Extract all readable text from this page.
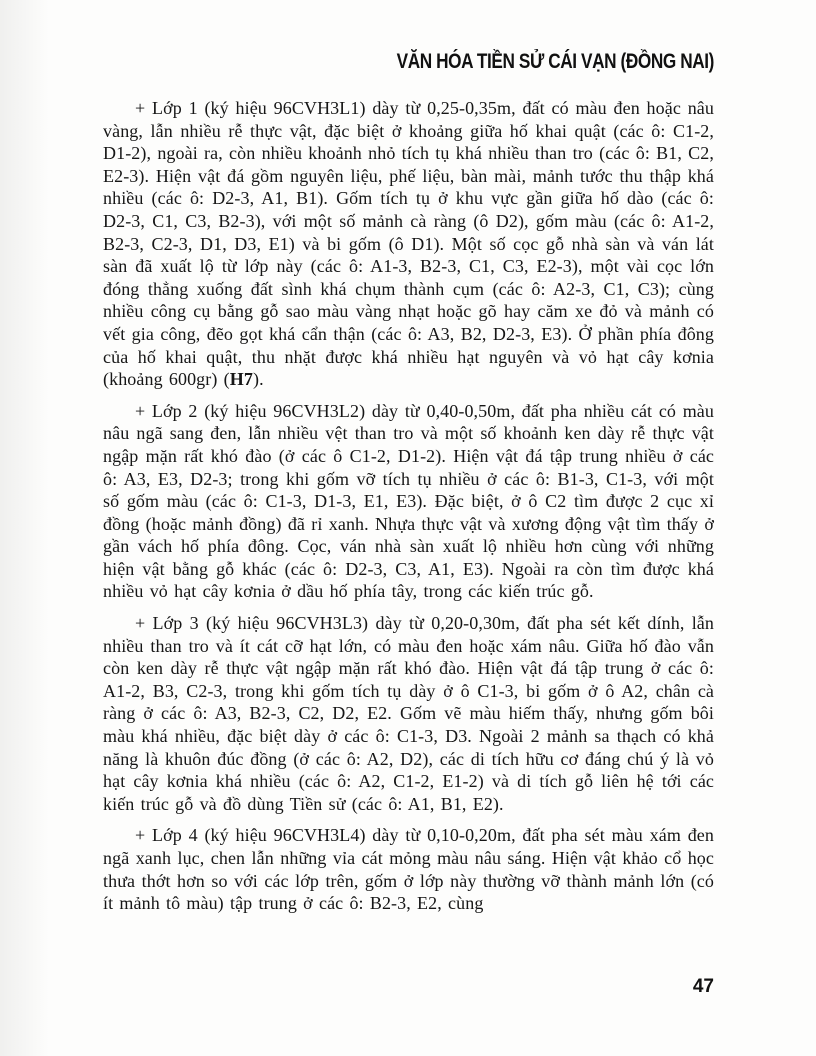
VĂN HÓA TIỀN SỬ CÁI VẠN (ĐỒNG NAI)

+ Lớp 1 (ký hiệu 96CVH3L1) dày từ 0,25-0,35m, đất có màu đen hoặc nâu vàng, lẫn nhiều rễ thực vật, đặc biệt ở khoảng giữa hố khai quật (các ô: C1-2, D1-2), ngoài ra, còn nhiều khoảnh nhỏ tích tụ khá nhiều than tro (các ô: B1, C2, E2-3). Hiện vật đá gồm nguyên liệu, phế liệu, bàn mài, mảnh tước thu thập khá nhiều (các ô: D2-3, A1, B1). Gốm tích tụ ở khu vực gần giữa hố dào (các ô: D2-3, C1, C3, B2-3), với một số mảnh cà ràng (ô D2), gốm màu (các ô: A1-2, B2-3, C2-3, D1, D3, E1) và bi gốm (ô D1). Một số cọc gỗ nhà sàn và ván lát sàn đã xuất lộ từ lớp này (các ô: A1-3, B2-3, C1, C3, E2-3), một vài cọc lớn đóng thẳng xuống đất sình khá chụm thành cụm (các ô: A2-3, C1, C3); cùng nhiều công cụ bằng gỗ sao màu vàng nhạt hoặc gõ hay căm xe đỏ và mảnh có vết gia công, đẽo gọt khá cẩn thận (các ô: A3, B2, D2-3, E3). Ở phần phía đông của hố khai quật, thu nhặt được khá nhiều hạt nguyên và vỏ hạt cây kơnia (khoảng 600gr) (H7).

+ Lớp 2 (ký hiệu 96CVH3L2) dày từ 0,40-0,50m, đất pha nhiều cát có màu nâu ngã sang đen, lẫn nhiều vệt than tro và một số khoảnh ken dày rễ thực vật ngập mặn rất khó đào (ở các ô C1-2, D1-2). Hiện vật đá tập trung nhiều ở các ô: A3, E3, D2-3; trong khi gốm vỡ tích tụ nhiều ở các ô: B1-3, C1-3, với một số gốm màu (các ô: C1-3, D1-3, E1, E3). Đặc biệt, ở ô C2 tìm được 2 cục xỉ đồng (hoặc mảnh đồng) đã rỉ xanh. Nhựa thực vật và xương động vật tìm thấy ở gần vách hố phía đông. Cọc, ván nhà sàn xuất lộ nhiều hơn cùng với những hiện vật bằng gỗ khác (các ô: D2-3, C3, A1, E3). Ngoài ra còn tìm được khá nhiều vỏ hạt cây kơnia ở dầu hố phía tây, trong các kiến trúc gỗ.

+ Lớp 3 (ký hiệu 96CVH3L3) dày từ 0,20-0,30m, đất pha sét kết dính, lẫn nhiều than tro và ít cát cỡ hạt lớn, có màu đen hoặc xám nâu. Giữa hố đào vẫn còn ken dày rễ thực vật ngập mặn rất khó đào. Hiện vật đá tập trung ở các ô: A1-2, B3, C2-3, trong khi gốm tích tụ dày ở ô C1-3, bi gốm ở ô A2, chân cà ràng ở các ô: A3, B2-3, C2, D2, E2. Gốm vẽ màu hiếm thấy, nhưng gốm bôi màu khá nhiều, đặc biệt dày ở các ô: C1-3, D3. Ngoài 2 mảnh sa thạch có khả năng là khuôn đúc đồng (ở các ô: A2, D2), các di tích hữu cơ đáng chú ý là vỏ hạt cây kơnia khá nhiều (các ô: A2, C1-2, E1-2) và di tích gỗ liên hệ tới các kiến trúc gỗ và đồ dùng Tiền sử (các ô: A1, B1, E2).

+ Lớp 4 (ký hiệu 96CVH3L4) dày từ 0,10-0,20m, đất pha sét màu xám đen ngã xanh lục, chen lẫn những vỉa cát mỏng màu nâu sáng. Hiện vật khảo cổ học thưa thớt hơn so với các lớp trên, gốm ở lớp này thường vỡ thành mảnh lớn (có ít mảnh tô màu) tập trung ở các ô: B2-3, E2, cùng

47
